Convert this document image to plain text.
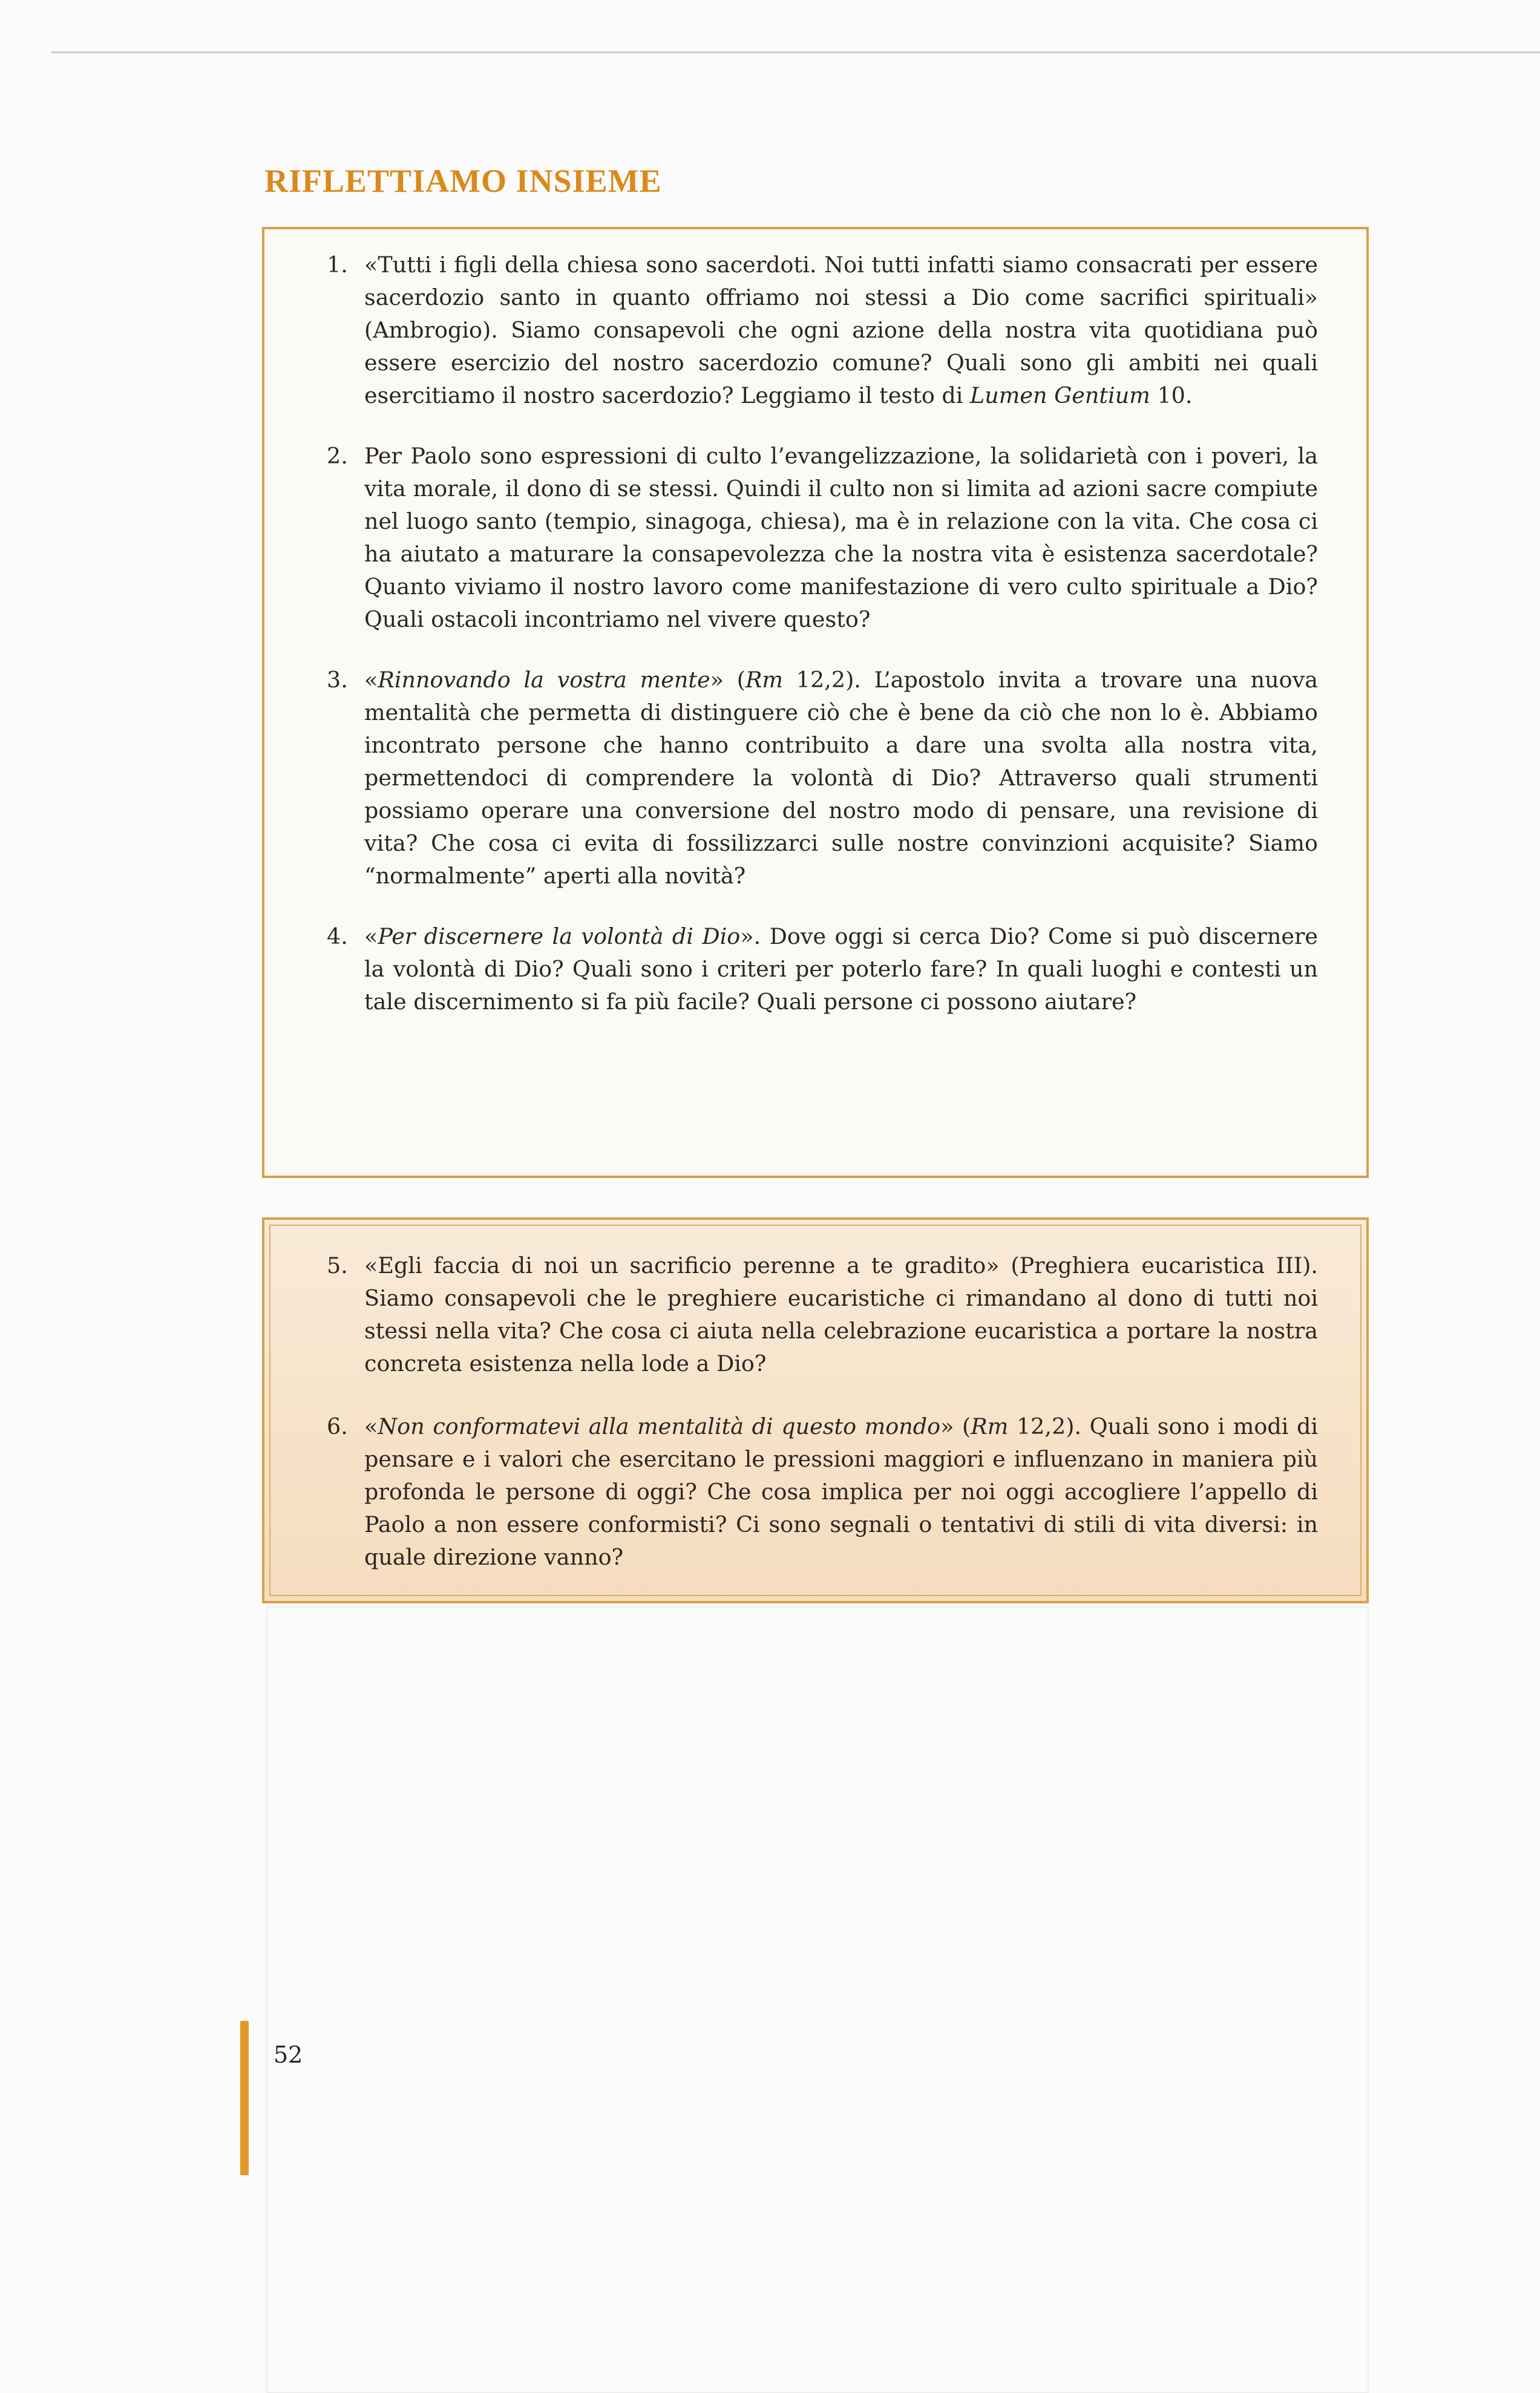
RIFLETTIAMO INSIEME
1. «Tutti i figli della chiesa sono sacerdoti. Noi tutti infatti siamo consacrati per essere sacerdozio santo in quanto offriamo noi stessi a Dio come sacrifici spirituali» (Ambrogio). Siamo consapevoli che ogni azione della nostra vita quotidiana può essere esercizio del nostro sacerdozio comune? Quali sono gli ambiti nei quali esercitiamo il nostro sacerdozio? Leggiamo il testo di Lumen Gentium 10.
2. Per Paolo sono espressioni di culto l’evangelizzazione, la solidarietà con i poveri, la vita morale, il dono di se stessi. Quindi il culto non si limita ad azioni sacre compiute nel luogo santo (tempio, sinagoga, chiesa), ma è in relazione con la vita. Che cosa ci ha aiutato a maturare la consapevolezza che la nostra vita è esistenza sacerdotale? Quanto viviamo il nostro lavoro come manifestazione di vero culto spirituale a Dio? Quali ostacoli incontriamo nel vivere questo?
3. «Rinnovando la vostra mente» (Rm 12,2). L’apostolo invita a trovare una nuova mentalità che permetta di distinguere ciò che è bene da ciò che non lo è. Abbiamo incontrato persone che hanno contribuito a dare una svolta alla nostra vita, permettendoci di comprendere la volontà di Dio? Attraverso quali strumenti possiamo operare una conversione del nostro modo di pensare, una revisione di vita? Che cosa ci evita di fossilizzarci sulle nostre convinzioni acquisite? Siamo “normalmente” aperti alla novità?
4. «Per discernere la volontà di Dio». Dove oggi si cerca Dio? Come si può discernere la volontà di Dio? Quali sono i criteri per poterlo fare? In quali luoghi e contesti un tale discernimento si fa più facile? Quali persone ci possono aiutare?
5. «Egli faccia di noi un sacrificio perenne a te gradito» (Preghiera eucaristica III). Siamo consapevoli che le preghiere eucaristiche ci rimandano al dono di tutti noi stessi nella vita? Che cosa ci aiuta nella celebrazione eucaristica a portare la nostra concreta esistenza nella lode a Dio?
6. «Non conformatevi alla mentalità di questo mondo» (Rm 12,2). Quali sono i modi di pensare e i valori che esercitano le pressioni maggiori e influenzano in maniera più profonda le persone di oggi? Che cosa implica per noi oggi accogliere l’appello di Paolo a non essere conformisti? Ci sono segnali o tentativi di stili di vita diversi: in quale direzione vanno?
52
